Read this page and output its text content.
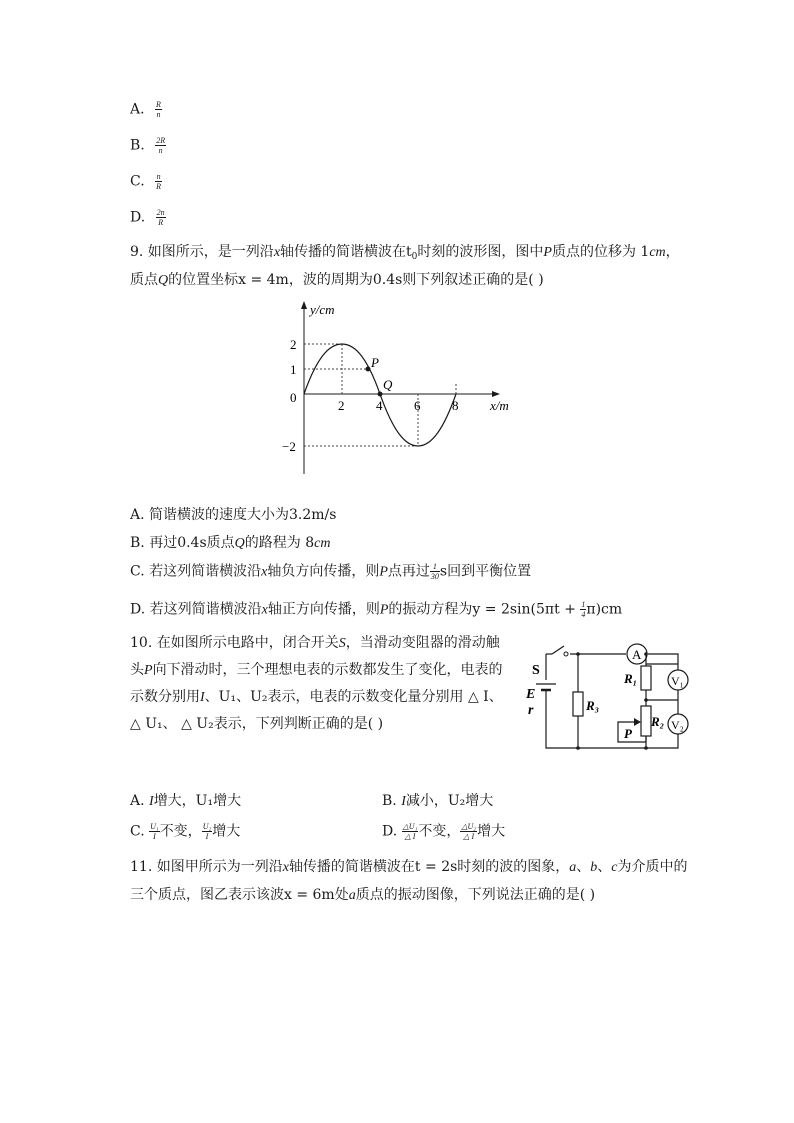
A. $\frac{R}{n}$
B. $\frac{2R}{n}$
C. $\frac{n}{R}$
D. $\frac{2n}{R}$
9. 如图所示，是一列沿x轴传播的简谐横波在$t_0$时刻的波形图，图中P质点的位移为 1cm，
质点Q的位置坐标x = 4m，波的周期为0.4s则下列叙述正确的是( )
y/cm
x/m
0
2
1
−2
2 4 6 8
P
Q
A. 简谐横波的速度大小为3.2m/s
B. 再过0.4s质点Q的路程为 8cm
C. 若这列简谐横波沿x轴负方向传播，则P点再过 $\frac{1}{30}$ s回到平衡位置
D. 若这列简谐横波沿x轴正方向传播，则P的振动方程为$y = 2\sin(5\pi t + \frac{1}{4} \pi)cm$
10. 在如图所示电路中，闭合开关S，当滑动变阻器的滑动触
头P向下滑动时，三个理想电表的示数都发生了变化，电表的
示数分别用I、U₁、U₂表示，电表的示数变化量分别用 △ I、
△ U₁、 △ U₂表示，下列判断正确的是( )
S
E
r	R₃
R₁
R₂
A
V₁
V₂
P
A. I增大，U₁增大	B. I减小，U₂增大
C. $\frac{\text{U₁}}{I}$ 不变， $\frac{\text{U₂}}{I}$ 增大	D. $\frac{\text{△U₁}}{\triangle I}$ 不变， $\frac{\text{△U₂}}{\triangle I}$ 增大
11. 如图甲所示为一列沿x轴传播的简谐横波在t = 2s时刻的波的图象，a、b、c为介质中的
三个质点，图乙表示该波x = 6m处a质点的振动图像，下列说法正确的是( )
